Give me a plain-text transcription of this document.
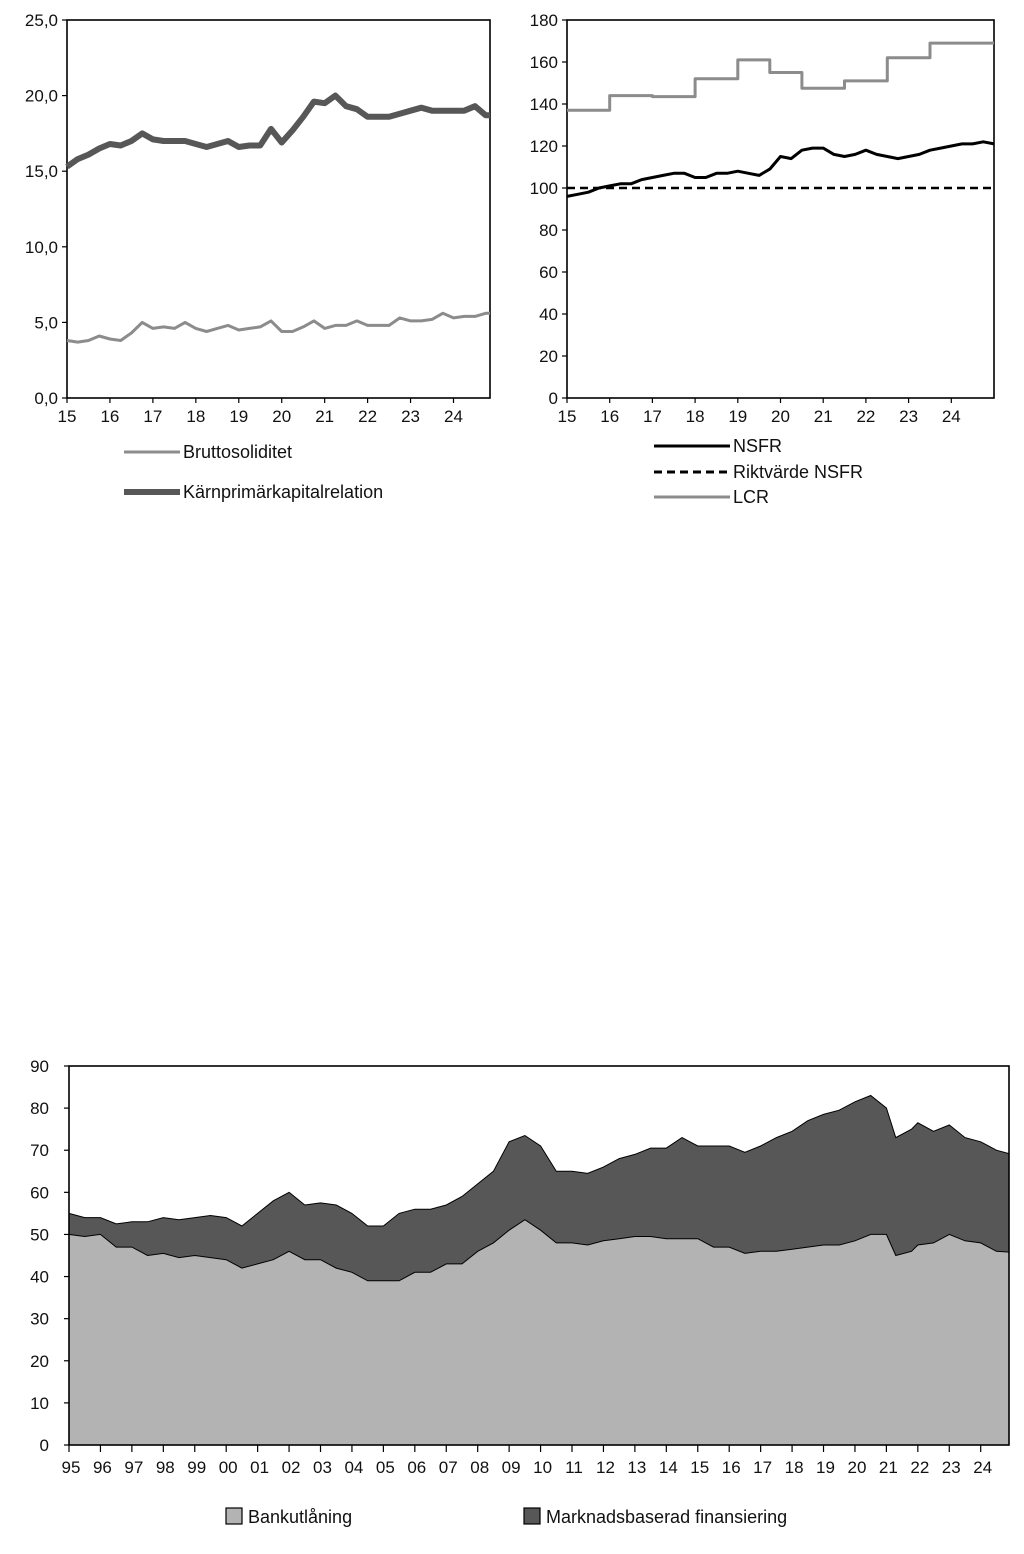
0,0
5,0
10,0
15,0
20,0
25,0
15 16 17 18 19 20 21 22 23 24
Bruttosoliditet
Kärnprimärkapitalrelation
0
20
40
60
80
100
120
140
160
180
15 16 17 18 19 20 21 22 23 24
NSFR
Riktvärde NSFR
LCR
0
10
20
30
40
50
60
70
80
90
95 96 97 98 99 00 01 02 03 04 05 06 07 08 09 10 11 12 13 14 15 16 17 18 19 20 21 22 23 24
Bankutlåning	Marknadsbaserad finansiering
